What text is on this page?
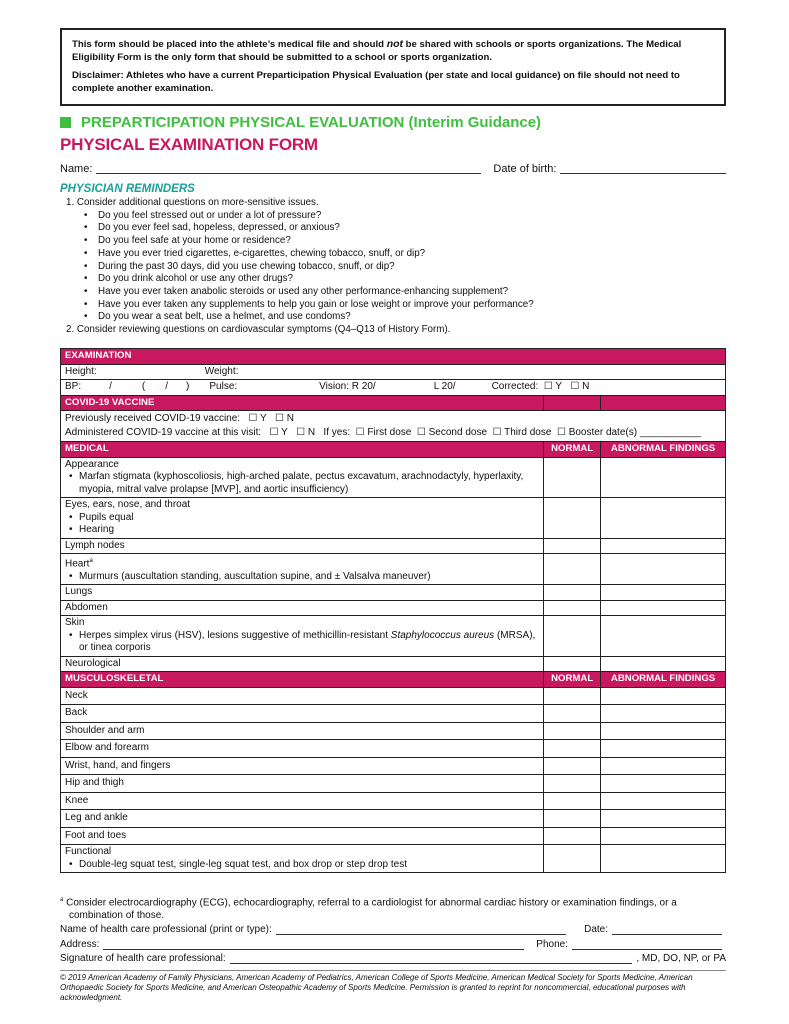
This form should be placed into the athlete’s medical file and should not be shared with schools or sports organizations. The Medical Eligibility Form is the only form that should be submitted to a school or sports organization.

Disclaimer: Athletes who have a current Preparticipation Physical Evaluation (per state and local guidance) on file should not need to complete another examination.

PREPARTICIPATION PHYSICAL EVALUATION
(Interim Guidance)
PHYSICAL EXAMINATION FORM
Name:	Date of birth:
PHYSICIAN REMINDERS
1. Consider additional questions on more-sensitive issues.
• Do you feel stressed out or under a lot of pressure?
• Do you ever feel sad, hopeless, depressed, or anxious?
• Do you feel safe at your home or residence?
• Have you ever tried cigarettes, e-cigarettes, chewing tobacco, snuff, or dip?
• During the past 30 days, did you use chewing tobacco, snuff, or dip?
• Do you drink alcohol or use any other drugs?
• Have you ever taken anabolic steroids or used any other performance-enhancing supplement?
• Have you ever taken any supplements to help you gain or lose weight or improve your performance?
• Do you wear a seat belt, use a helmet, and use condoms?
2. Consider reviewing questions on cardiovascular symptoms (Q4–Q13 of History Form).
EXAMINATION		
Height: Weight:		
BP: / ( / ) Pulse: Vision: R 20/ L 20/ Corrected: ☐ Y ☐ N		
COVID-19 VACCINE		

Previously received COVID-19 vaccine: ☐ Y ☐ N
Administered COVID-19 vaccine at this visit: ☐ Y ☐ N If yes: ☐ First dose ☐ Second dose ☐ Third dose ☐ Booster date(s) ___________		

MEDICAL	NORMAL	ABNORMAL FINDINGS

Appearance
• Marfan stigmata (kyphoscoliosis, high-arched palate, pectus excavatum, arachnodactyly, hyperlaxity, myopia, mitral valve prolapse [MVP], and aortic insufficiency)

Eyes, ears, nose, and throat
• Pupils equal
• Hearing

Lymph nodes		

Heart$^a$
• Murmurs (auscultation standing, auscultation supine, and ± Valsalva maneuver)

Lungs		
Abdomen		

Skin
• Herpes simplex virus (HSV), lesions suggestive of methicillin-resistant Staphylococcus aureus (MRSA), or tinea corporis

Neurological		
MUSCULOSKELETAL	NORMAL	ABNORMAL FINDINGS
Neck		
Back		
Shoulder and arm		
Elbow and forearm		
Wrist, hand, and fingers		
Hip and thigh		
Knee		
Leg and ankle		
Foot and toes		

Functional
• Double-leg squat test, single-leg squat test, and box drop or step drop test

$^a$ Consider electrocardiography (ECG), echocardiography, referral to a cardiologist for abnormal cardiac history or examination findings, or a combination of those.
Name of health care professional (print or type):	Date:
Address:	Phone:
Signature of health care professional:	, MD, DO, NP, or PA
© 2019 American Academy of Family Physicians, American Academy of Pediatrics, American College of Sports Medicine, American Medical Society for Sports Medicine, American Orthopaedic Society for Sports Medicine, and American Osteopathic Academy of Sports Medicine. Permission is granted to reprint for noncommercial, educational purposes with acknowledgment.
